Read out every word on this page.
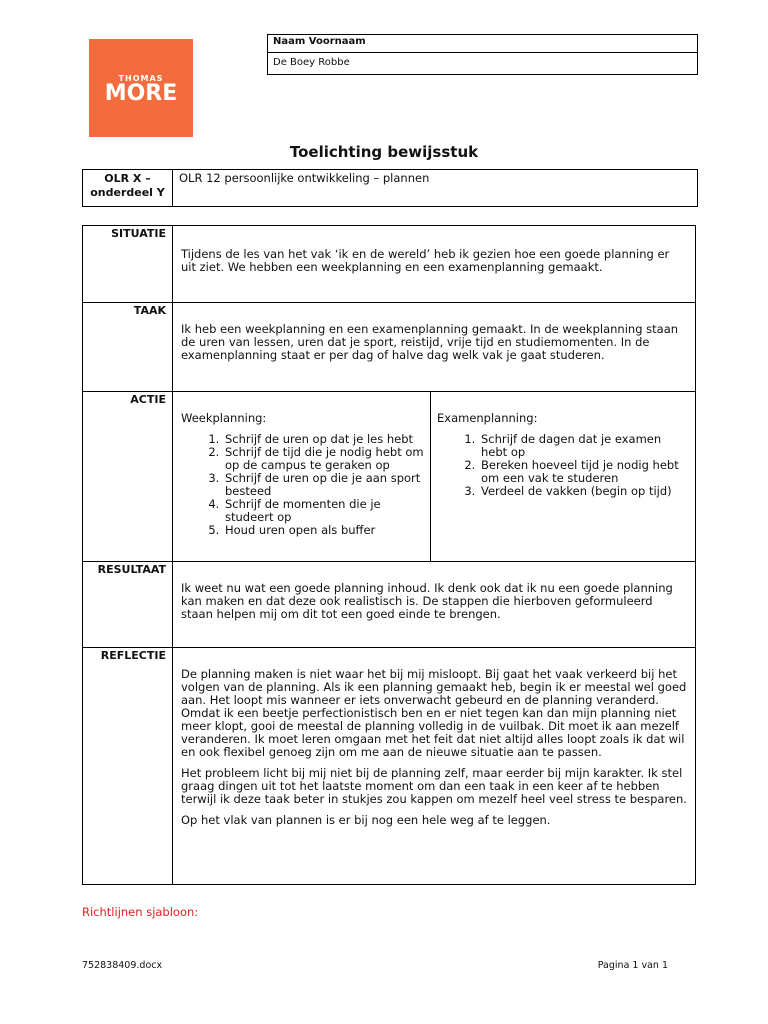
THOMAS
MORE
Naam Voornaam
De Boey Robbe
Toelichting bewijsstuk
OLR X –
onderdeel Y
OLR 12 persoonlijke ontwikkeling – plannen
SITUATIE
Tijdens de les van het vak ‘ik en de wereld’ heb ik gezien hoe een goede planning er uit ziet. We hebben een weekplanning en een examenplanning gemaakt.
TAAK
Ik heb een weekplanning en een examenplanning gemaakt. In de weekplanning staan de uren van lessen, uren dat je sport, reistijd, vrije tijd en studiemomenten. In de examenplanning staat er per dag of halve dag welk vak je gaat studeren.
ACTIE
Weekplanning:
1. Schrijf de uren op dat je les hebt
2. Schrijf de tijd die je nodig hebt om op de campus te geraken op
3. Schrijf de uren op die je aan sport besteed
4. Schrijf de momenten die je studeert op
5. Houd uren open als buffer
Examenplanning:
1. Schrijf de dagen dat je examen hebt op
2. Bereken hoeveel tijd je nodig hebt om een vak te studeren
3. Verdeel de vakken (begin op tijd)
RESULTAAT
Ik weet nu wat een goede planning inhoud. Ik denk ook dat ik nu een goede planning kan maken en dat deze ook realistisch is. De stappen die hierboven geformuleerd staan helpen mij om dit tot een goed einde te brengen.
REFLECTIE

De planning maken is niet waar het bij mij misloopt. Bij gaat het vaak verkeerd bij het volgen van de planning. Als ik een planning gemaakt heb, begin ik er meestal wel goed aan. Het loopt mis wanneer er iets onverwacht gebeurd en de planning veranderd. Omdat ik een beetje perfectionistisch ben en er niet tegen kan dan mijn planning niet meer klopt, gooi de meestal de planning volledig in de vuilbak. Dit moet ik aan mezelf veranderen. Ik moet leren omgaan met het feit dat niet altijd alles loopt zoals ik dat wil en ook flexibel genoeg zijn om me aan de nieuwe situatie aan te passen.

Het probleem licht bij mij niet bij de planning zelf, maar eerder bij mijn karakter. Ik stel graag dingen uit tot het laatste moment om dan een taak in een keer af te hebben terwijl ik deze taak beter in stukjes zou kappen om mezelf heel veel stress te besparen.

Op het vlak van plannen is er bij nog een hele weg af te leggen.

Richtlijnen sjabloon:
752838409.docx	Pagina 1 van 1
